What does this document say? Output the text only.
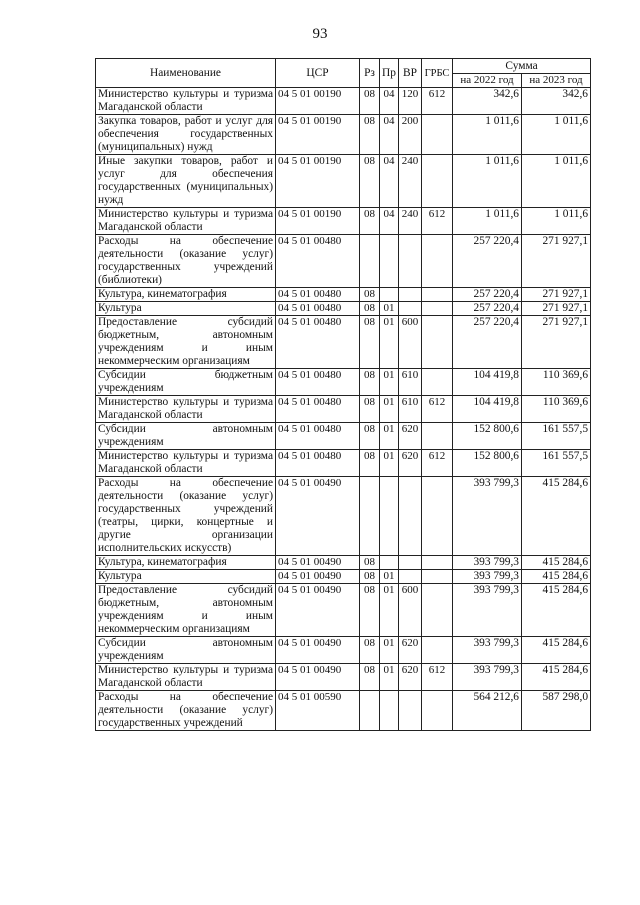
93
Наименование	ЦСР	Рз	Пр	ВР	ГРБС	Сумма	
						на 2022 год	на 2023 год
Министерство культуры и туризма Магаданской области	04 5 01 00190	08	04	120	612	342,6	342,6
Закупка товаров, работ и услуг для обеспечения государственных (муниципальных) нужд	04 5 01 00190	08	04	200		1 011,6	1 011,6
Иные закупки товаров, работ и услуг для обеспечения государственных (муниципальных) нужд	04 5 01 00190	08	04	240		1 011,6	1 011,6
Министерство культуры и туризма Магаданской области	04 5 01 00190	08	04	240	612	1 011,6	1 011,6
Расходы на обеспечение деятельности (оказание услуг) государственных учреждений (библиотеки)	04 5 01 00480					257 220,4	271 927,1
Культура, кинематография	04 5 01 00480	08				257 220,4	271 927,1
Культура	04 5 01 00480	08	01			257 220,4	271 927,1
Предоставление субсидий бюджетным, автономным учреждениям и иным некоммерческим организациям	04 5 01 00480	08	01	600		257 220,4	271 927,1
Субсидии бюджетным учреждениям	04 5 01 00480	08	01	610		104 419,8	110 369,6
Министерство культуры и туризма Магаданской области	04 5 01 00480	08	01	610	612	104 419,8	110 369,6
Субсидии автономным учреждениям	04 5 01 00480	08	01	620		152 800,6	161 557,5
Министерство культуры и туризма Магаданской области	04 5 01 00480	08	01	620	612	152 800,6	161 557,5
Расходы на обеспечение деятельности (оказание услуг) государственных учреждений (театры, цирки, концертные и другие организации исполнительских искусств)	04 5 01 00490					393 799,3	415 284,6
Культура, кинематография	04 5 01 00490	08				393 799,3	415 284,6
Культура	04 5 01 00490	08	01			393 799,3	415 284,6
Предоставление субсидий бюджетным, автономным учреждениям и иным некоммерческим организациям	04 5 01 00490	08	01	600		393 799,3	415 284,6
Субсидии автономным учреждениям	04 5 01 00490	08	01	620		393 799,3	415 284,6
Министерство культуры и туризма Магаданской области	04 5 01 00490	08	01	620	612	393 799,3	415 284,6
Расходы на обеспечение деятельности (оказание услуг) государственных учреждений	04 5 01 00590					564 212,6	587 298,0
